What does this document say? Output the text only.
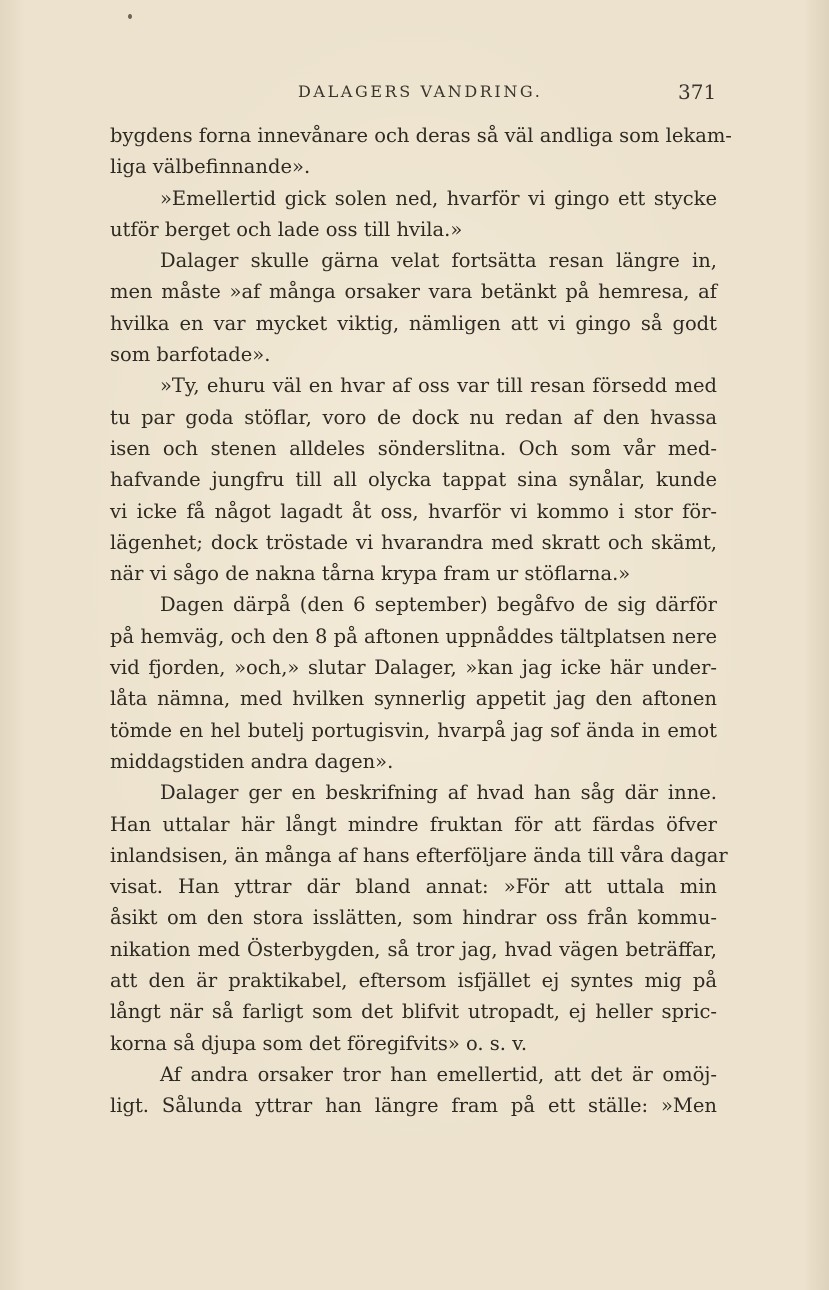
DALAGERS VANDRING.	371
bygdens forna innevånare och deras så väl andliga som lekam-
liga välbefinnande».
»Emellertid gick solen ned, hvarför vi gingo ett stycke
utför berget och lade oss till hvila.»
Dalager skulle gärna velat fortsätta resan längre in,
men måste »af många orsaker vara betänkt på hemresa, af
hvilka en var mycket viktig, nämligen att vi gingo så godt
som barfotade».
»Ty, ehuru väl en hvar af oss var till resan försedd med
tu par goda stöflar, voro de dock nu redan af den hvassa
isen och stenen alldeles sönderslitna. Och som vår med-
hafvande jungfru till all olycka tappat sina synålar, kunde
vi icke få något lagadt åt oss, hvarför vi kommo i stor för-
lägenhet; dock tröstade vi hvarandra med skratt och skämt,
när vi sågo de nakna tårna krypa fram ur stöflarna.»
Dagen därpå (den 6 september) begåfvo de sig därför
på hemväg, och den 8 på aftonen uppnåddes tältplatsen nere
vid fjorden, »och,» slutar Dalager, »kan jag icke här under-
låta nämna, med hvilken synnerlig appetit jag den aftonen
tömde en hel butelj portugisvin, hvarpå jag sof ända in emot
middagstiden andra dagen».
Dalager ger en beskrifning af hvad han såg där inne.
Han uttalar här långt mindre fruktan för att färdas öfver
inlandsisen, än många af hans efterföljare ända till våra dagar
visat. Han yttrar där bland annat: »För att uttala min
åsikt om den stora isslätten, som hindrar oss från kommu-
nikation med Österbygden, så tror jag, hvad vägen beträffar,
att den är praktikabel, eftersom isfjället ej syntes mig på
långt när så farligt som det blifvit utropadt, ej heller spric-
korna så djupa som det föregifvits» o. s. v.
Af andra orsaker tror han emellertid, att det är omöj-
ligt. Sålunda yttrar han längre fram på ett ställe: »Men
